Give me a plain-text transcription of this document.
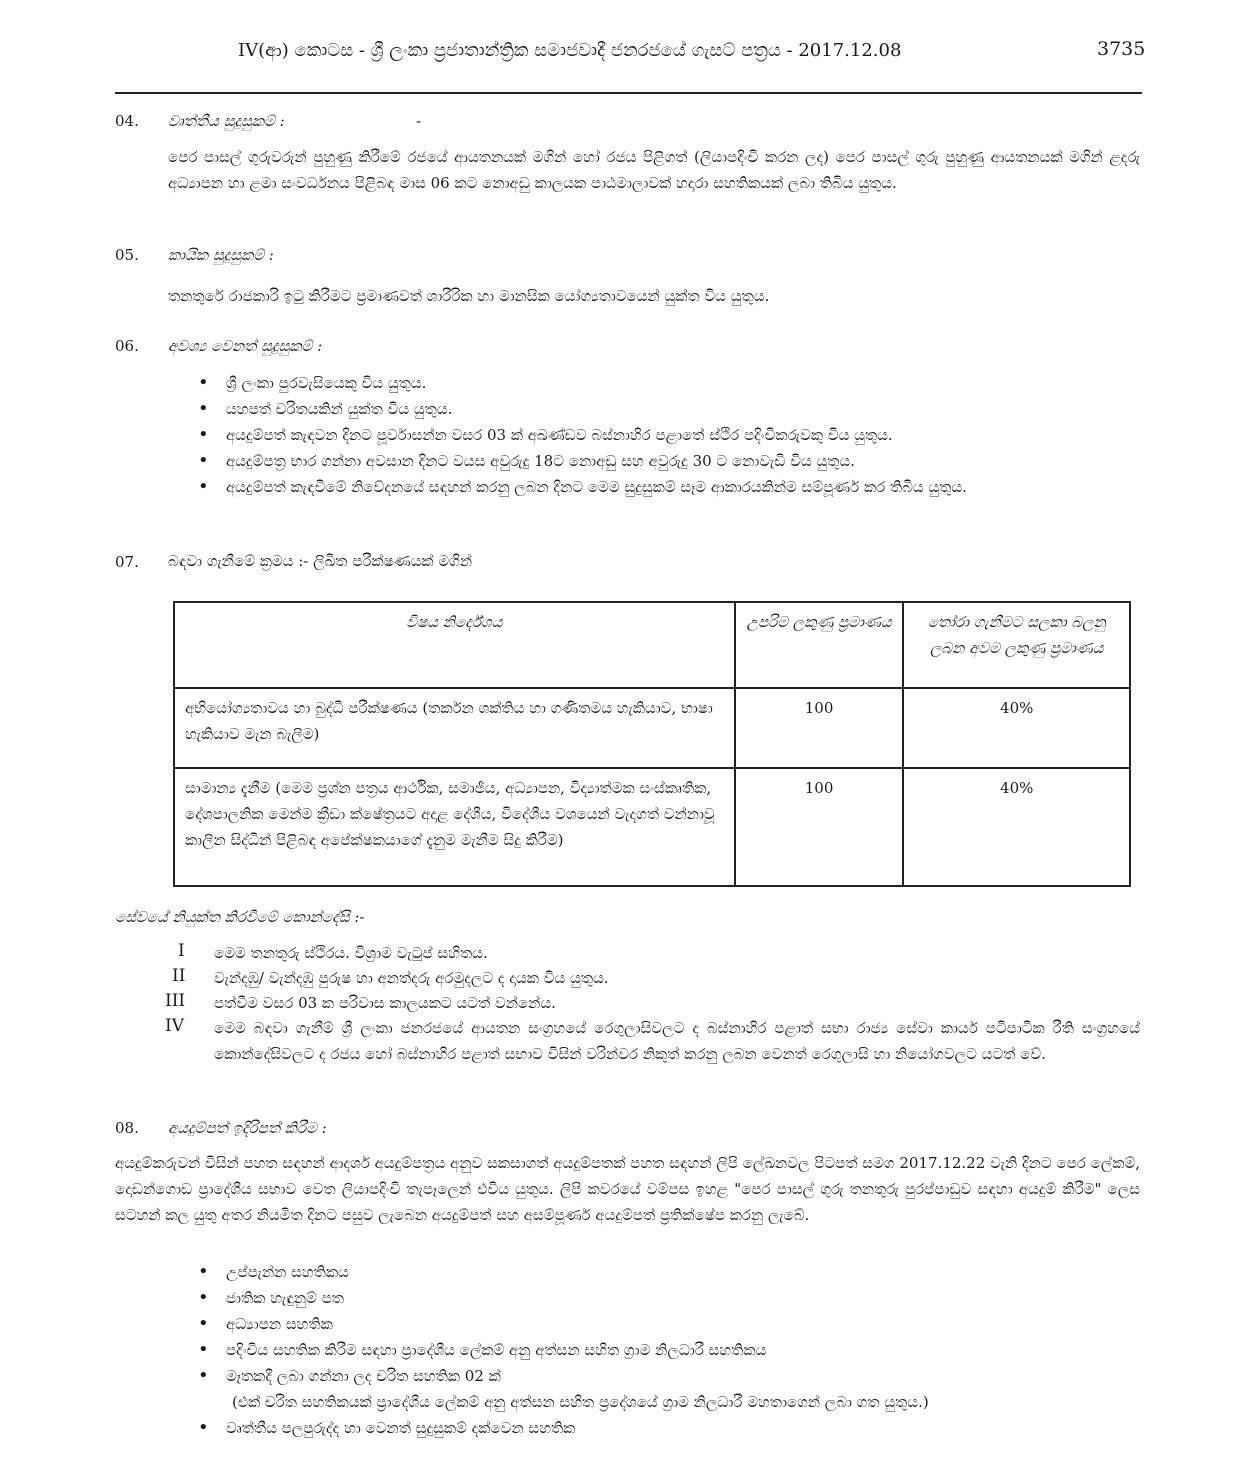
IV(ආ) කොටස - ශ්‍රී ලංකා ප්‍රජාතාන්ත්‍රික සමාජවාදී ජනරජයේ ගැසට් පත්‍රය - 2017.12.08	3735
04. වෘත්තීය සුදුසුකම් :	-
පෙර පාසල් ගුරුවරුන් පුහුණු කිරීමේ රජයේ ආයතනයක් මගින් හෝ රජය පිළිගත් (ලියාපදිංචි කරන ලද) පෙර පාසල් ගුරු පුහුණු ආයතනයක් මගින් ළදරු අධ්‍යාපන හා ළමා සංවර්ධනය පිළිබඳ මාස 06 කට නොඅඩු කාලයක පාඨමාලාවක් හදාරා සහතිකයක් ලබා තිබිය යුතුය.
05. කායික සුදුසුකම් :
තනතුරේ රාජකාරි ඉටු කිරීමට ප්‍රමාණවත් ශාරීරික හා මානසික යෝග්‍යතාවයෙන් යුක්ත විය යුතුය.
06. අවශ්‍ය වෙනත් සුදුසුකම් :
• ශ්‍රී ලංකා පුරවැසියෙකු විය යුතුය.
• යහපත් චරිතයකින් යුක්ත විය යුතුය.
• අයදුම්පත් කැඳවන දිනට පූර්වාසන්න වසර 03 ක් අඛණ්ඩව බස්නාහිර පළාතේ ස්ථිර පදිංචිකරුවකු විය යුතුය.
• අයදුම්පත්‍ර භාර ගන්නා අවසාන දිනට වයස අවුරුදු 18ට නොඅඩු සහ අවුරුදු 30 ට නොවැඩි විය යුතුය.
• අයදුම්පත් කැඳවීමේ නිවේදනයේ සඳහන් කරනු ලබන දිනට මෙම සුදුසුකම් සෑම ආකාරයකින්ම සම්පූර්ණ කර තිබිය යුතුය.
07. බඳවා ගැනීමේ ක්‍රමය :- ලිඛිත පරීක්ෂණයක් මගින්
විෂය නිර්දේශය	උපරිම ලකුණු ප්‍රමාණය	තෝරා ගැනීමට සලකා බලනු ලබන අවම ලකුණු ප්‍රමාණය
අභියෝග්‍යතාවය හා බුද්ධි පරීක්ෂණය (තර්කන ශක්තිය හා ගණිතමය හැකියාව, භාෂා හැකියාව මැන බැලීම)	100	40%
සාමාන්‍ය දැනීම (මෙම ප්‍රශ්න පත්‍රය ආර්ථික, සමාජීය, අධ්‍යාපන, විද්‍යාත්මක සංස්කෘතික, දේශපාලනික මෙන්ම ක්‍රීඩා ක්ෂේත්‍රයට අදාළ දේශීය, විදේශීය වශයෙන් වැදගත් වන්නාවූ කාලීන සිද්ධීන් පිළිබඳ අපේක්ෂකයාගේ දැනුම මැනීම සිදු කිරීම)	100	40%
සේවයේ නියුක්ත කිරවීමේ කොන්දේසි :-
I මෙම තනතුරු ස්ථිරය. විශ්‍රාම වැටුප් සහිතය.
II වැන්දඹු/ වැන්දඹු පුරුෂ හා අනත්දරු අරමුදලට ද දායක විය යුතුය.
III පත්වීම වසර 03 ක පරිවාස කාලයකට යටත් වන්නේය.
IV මෙම බඳවා ගැනීම් ශ්‍රී ලංකා ජනරජයේ ආයතන සංග්‍රහයේ රෙගුලාසිවලට ද බස්නාහිර පළාත් සභා රාජ්‍ය සේවා කාර්ය පටිපාටික රීති සංග්‍රහයේ කොන්දේසිවලට ද රජය හෝ බස්නාහිර පළාත් සභාව විසින් වරින්වර නිකුත් කරනු ලබන වෙනත් රෙගුලාසි හා නියෝගවලට යටත් වේ.
08. අයදුම්පත් ඉදිරිපත් කිරීම :
අයදුම්කරුවන් විසින් පහත සඳහන් ආදර්ශ අයදුම්පත්‍රය අනුව සකසාගත් අයදුම්පතක් පහත සඳහන් ලිපි ලේඛනවල පිටපත් සමග 2017.12.22 වැනි දිනට පෙර ලේකම්, දොඩන්ගොඩ ප්‍රාදේශීය සභාව වෙත ලියාපදිංචි තැපෑලෙන් එවිය යුතුය. ලිපි කවරයේ වම්පස ඉහළ "පෙර පාසල් ගුරු තනතුරු පුරප්පාඩුව සඳහා අයදුම් කිරීම" ලෙස සටහන් කල යුතු අතර නියමිත දිනට පසුව ලැබෙන අයදුම්පත් සහ අසම්පූර්ණ අයදුම්පත් ප්‍රතික්ෂේප කරනු ලැබේ.
• උප්පැන්න සහතිකය
• ජාතික හැඳුනුම් පත
• අධ්‍යාපන සහතික
• පදිංචිය සහතික කිරීම සඳහා ප්‍රාදේශීය ලේකම් අනු අත්සන සහිත ග්‍රාම නිලධාරී සහතිකය
• මෑතකදී ලබා ගන්නා ලද චරිත සහතික 02 ක්
(එක් චරිත සහතිකයක් ප්‍රාදේශීය ලේකම් අනු අත්සන සහිත ප්‍රදේශයේ ග්‍රාම නිලධාරී මහතාගෙන් ලබා ගත යුතුය.)
• වෘත්තීය පලපුරුද්ද හා වෙනත් සුදුසුකම් දක්වෙන සහතික
